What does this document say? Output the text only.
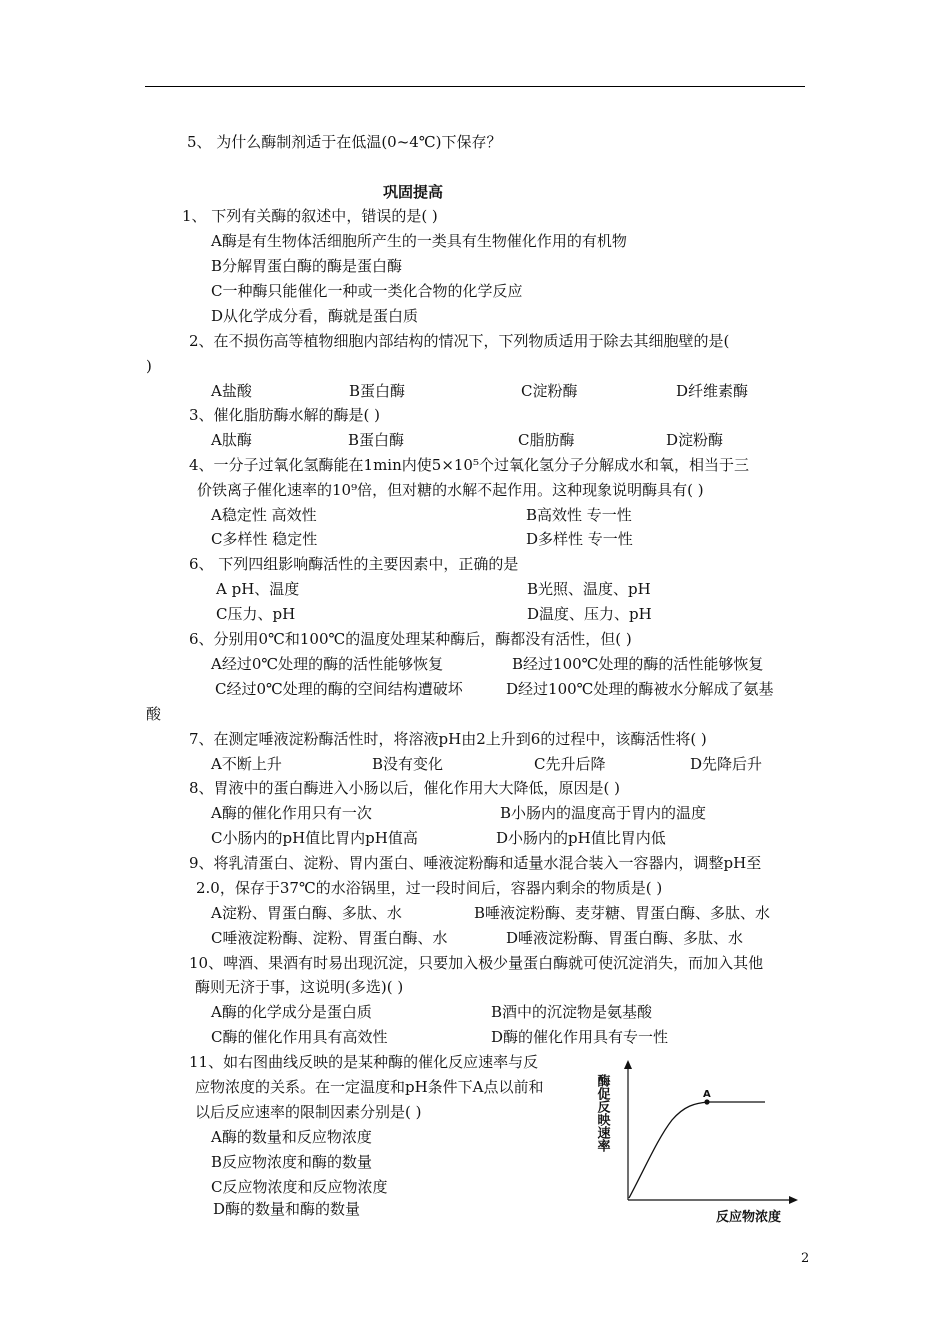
5、 为什么酶制剂适于在低温(0~4℃)下保存？
巩固提高
1、 下列有关酶的叙述中，错误的是( )
A酶是有生物体活细胞所产生的一类具有生物催化作用的有机物
B分解胃蛋白酶的酶是蛋白酶
C一种酶只能催化一种或一类化合物的化学反应
D从化学成分看，酶就是蛋白质
2、在不损伤高等植物细胞内部结构的情况下，下列物质适用于除去其细胞壁的是(
)
A盐酸	B蛋白酶	C淀粉酶	D纤维素酶
3、催化脂肪酶水解的酶是( )
A肽酶	B蛋白酶	C脂肪酶	D淀粉酶
4、一分子过氧化氢酶能在1min内使5×10⁵个过氧化氢分子分解成水和氧，相当于三
价铁离子催化速率的10⁹倍，但对糖的水解不起作用。这种现象说明酶具有( )
A稳定性 高效性	B高效性 专一性
C多样性 稳定性	D多样性 专一性
6、 下列四组影响酶活性的主要因素中，正确的是
A pH、温度	B光照、温度、pH
C压力、pH	D温度、压力、pH
6、分别用0℃和100℃的温度处理某种酶后，酶都没有活性，但( )
A经过0℃处理的酶的活性能够恢复	B经过100℃处理的酶的活性能够恢复
C经过0℃处理的酶的空间结构遭破坏	D经过100℃处理的酶被水分解成了氨基
酸
7、在测定唾液淀粉酶活性时，将溶液pH由2上升到6的过程中，该酶活性将( )
A不断上升	B没有变化	C先升后降	D先降后升
8、胃液中的蛋白酶进入小肠以后，催化作用大大降低，原因是( )
A酶的催化作用只有一次	B小肠内的温度高于胃内的温度
C小肠内的pH值比胃内pH值高	D小肠内的pH值比胃内低
9、将乳清蛋白、淀粉、胃内蛋白、唾液淀粉酶和适量水混合装入一容器内，调整pH至
2.0，保存于37℃的水浴锅里，过一段时间后，容器内剩余的物质是( )
A淀粉、胃蛋白酶、多肽、水	B唾液淀粉酶、麦芽糖、胃蛋白酶、多肽、水
C唾液淀粉酶、淀粉、胃蛋白酶、水	D唾液淀粉酶、胃蛋白酶、多肽、水
10、啤酒、果酒有时易出现沉淀，只要加入极少量蛋白酶就可使沉淀消失，而加入其他
酶则无济于事，这说明(多选)( )
A酶的化学成分是蛋白质	B酒中的沉淀物是氨基酸
C酶的催化作用具有高效性	D酶的催化作用具有专一性
11、如右图曲线反映的是某种酶的催化反应速率与反
应物浓度的关系。在一定温度和pH条件下A点以前和
以后反应速率的限制因素分别是( )
A酶的数量和反应物浓度
B反应物浓度和酶的数量
C反应物浓度和反应物浓度
D酶的数量和酶的数量
酶促反映速率	A
反应物浓度
2
